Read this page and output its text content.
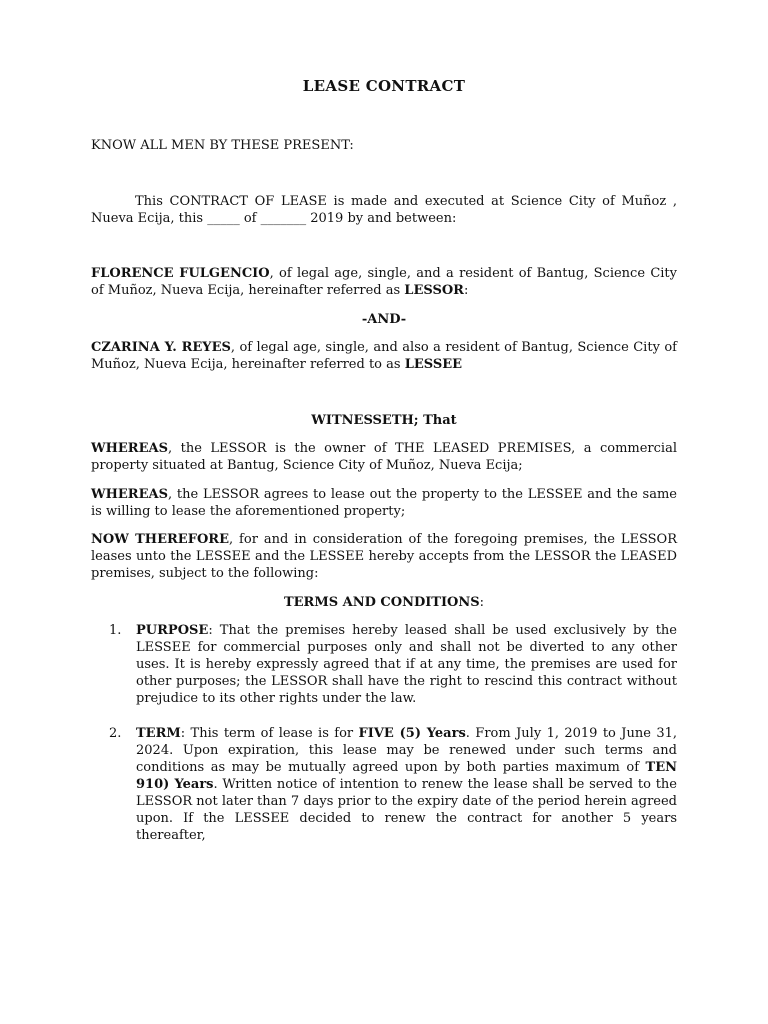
LEASE CONTRACT

KNOW ALL MEN BY THESE PRESENT:

This CONTRACT OF LEASE is made and executed at Science City of Muñoz , Nueva Ecija, this _____ of _______ 2019 by and between:

FLORENCE FULGENCIO, of legal age, single, and a resident of Bantug, Science City of Muñoz, Nueva Ecija, hereinafter referred as LESSOR:

-AND-

CZARINA Y. REYES, of legal age, single, and also a resident of Bantug, Science City of Muñoz, Nueva Ecija, hereinafter referred to as LESSEE

WITNESSETH; That

WHEREAS, the LESSOR is the owner of THE LEASED PREMISES, a commercial property situated at Bantug, Science City of Muñoz, Nueva Ecija;

WHEREAS, the LESSOR agrees to lease out the property to the LESSEE and the same is willing to lease the aforementioned property;

NOW THEREFORE, for and in consideration of the foregoing premises, the LESSOR leases unto the LESSEE and the LESSEE hereby accepts from the LESSOR the LEASED premises, subject to the following:

TERMS AND CONDITIONS:

1. PURPOSE: That the premises hereby leased shall be used exclusively by the LESSEE for commercial purposes only and shall not be diverted to any other uses. It is hereby expressly agreed that if at any time, the premises are used for other purposes; the LESSOR shall have the right to rescind this contract without prejudice to its other rights under the law.
2. TERM: This term of lease is for FIVE (5) Years. From July 1, 2019 to June 31, 2024. Upon expiration, this lease may be renewed under such terms and conditions as may be mutually agreed upon by both parties maximum of TEN 910) Years. Written notice of intention to renew the lease shall be served to the LESSOR not later than 7 days prior to the expiry date of the period herein agreed upon. If the LESSEE decided to renew the contract for another 5 years thereafter,
